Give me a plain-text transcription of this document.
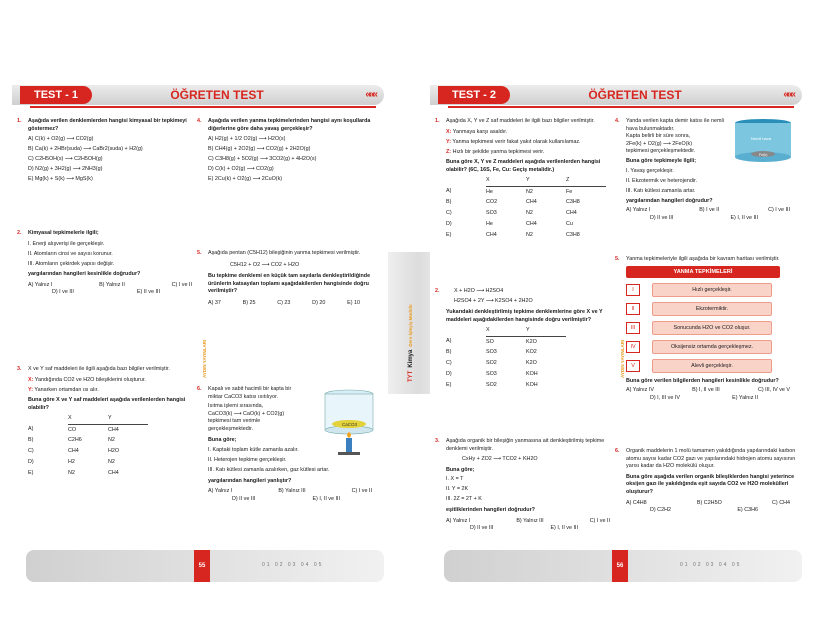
TEST - 1	ÖĞRETEN TEST	«««
1. Aşağıda verilen denklemlerden hangisi kimyasal bir tepkimeyi göstermez?
A) C(k) + O2(g) ⟶ CO2(g)
B) Ca(k) + 2HBr(suda) ⟶ CaBr2(suda) + H2(g)
C) C2H5OH(s) ⟶ C2H5OH(g)
D) N2(g) + 3H2(g) ⟶ 2NH3(g)
E) Mg(k) + S(k) ⟶ MgS(k)
2. Kimyasal tepkimelerle ilgili;
I. Enerji alışverişi ile gerçekleşir.
II. Atomların cinsi ve sayısı korunur.
III. Atomların çekirdek yapısı değişir.
yargılarından hangileri kesinlikle doğrudur?
A) Yalnız I	B) Yalnız II	C) I ve II
D) I ve III	E) II ve III
3. X ve Y saf maddeleri ile ilgili aşağıda bazı bilgiler verilmiştir.
X: Yandığında CO2 ve H2O bileşiklerini oluşturur.
Y: Yanarken ortamdan ısı alır.
Buna göre X ve Y saf maddeleri aşağıda verilenlerden hangisi olabilir?
	X	Y
A)	CO	CH4
B)	C2H6	N2
C)	CH4	H2O
D)	H2	N2
E)	N2	CH4
AYDIN YAYINLARI
4. Aşağıda verilen yanma tepkimelerinden hangisi aynı koşullarda diğerlerine göre daha yavaş gerçekleşir?
A) H2(g) + 1/2 O2(g) ⟶ H2O(s)
B) CH4(g) + 2O2(g) ⟶ CO2(g) + 2H2O(g)
C) C3H8(g) + 5O2(g) ⟶ 3CO2(g) + 4H2O(s)
D) C(k) + O2(g) ⟶ CO2(g)
E) 2Cu(k) + O2(g) ⟶ 2CuO(k)
5. Aşağıda pentan (C5H12) bileşiğinin yanma tepkimesi verilmiştir.
C5H12 + O2 ⟶ CO2 + H2O
Bu tepkime denklemi en küçük tam sayılarla denkleştirildiğinde ürünlerin katsayıları toplamı aşağıdakilerden hangisinde doğru verilmiştir?
A) 37	B) 25	C) 23	D) 20	E) 10
6. Kapalı ve sabit hacimli bir kapta bir miktar CaCO3 katısı ısıtılıyor.
Isıtma işlemi sırasında,
CaCO3(k) ⟶ CaO(k) + CO2(g)
tepkimesi tam verimle gerçekleşmektedir.
Buna göre;
I. Kaptaki toplam kütle zamanla azalır.
II. Heterojen tepkime gerçekleşir.
III. Katı kütlesi zamanla azalırken, gaz kütlesi artar.
yargılarından hangileri yanlıştır?
A) Yalnız I	B) Yalnız III	C) I ve II
D) II ve III	E) I, II ve III
CaCO3
55	01 02 03 04 05
TYTKimyaDers İşleyiş Modülü
TEST - 2	ÖĞRETEN TEST	«««
1. Aşağıda X, Y ve Z saf maddeleri ile ilgili bazı bilgiler verilmiştir.
X: Yanmaya karşı asaldır.
Y: Yanma tepkimesi verir fakat yakıt olarak kullanılamaz.
Z: Hızlı bir şekilde yanma tepkimesi verir.
Buna göre X, Y ve Z maddeleri aşağıda verilenlerden hangisi olabilir? (6C, 16S, Fe, Cu: Geçiş metalidir.)
	X	Y	Z
A)	He	N2	Fe
B)	CO2	CH4	C3H8
C)	SO3	N2	CH4
D)	He	CH4	Cu
E)	CH4	N2	C3H8
2.	X + H2O ⟶ H2SO4
H2SO4 + 2Y ⟶ K2SO4 + 2H2O
Yukarıdaki denkleştirilmiş tepkime denklemlerine göre X ve Y maddeleri aşağıdakilerden hangisinde doğru verilmiştir?
	X	Y
A)	SO	K2O
B)	SO3	KO2
C)	SO2	K2O
D)	SO3	KOH
E)	SO2	KOH
3. Aşağıda organik bir bileşiğin yanmasına ait denkleştirilmiş tepkime denklemi verilmiştir.
CxHy + ZO2 ⟶ TCO2 + KH2O
Buna göre;
I. X = T
II. Y = 2K
III. 2Z = 2T + K
eşitliklerinden hangileri doğrudur?
A) Yalnız I	B) Yalnız III	C) I ve II
D) II ve III	E) I, II ve III
AYDIN YAYINLARI
4. Yanda verilen kapta demir katısı ile nemli hava bulunmaktadır.
Kapta belirli bir süre sonra,
2Fe(k) + O2(g) ⟶ 2FeO(k)
tepkimesi gerçekleşmektedir.
Buna göre tepkimeyle ilgili;
I. Yavaş gerçekleşir.
II. Ekzotermik ve heterojendir.
III. Katı kütlesi zamanla artar.
yargılarından hangileri doğrudur?
A) Yalnız I	B) I ve II	C) I ve III
D) II ve III	E) I, II ve III
Nemli hava
Fe(k)
5. Yanma tepkimeleriyle ilgili aşağıda bir kavram haritası verilmiştir.
YANMA TEPKİMELERİ
I	Hızlı gerçekleşir.
II	Ekzotermiktir.
III	Sonucunda H2O ve CO2 oluşur.
IV	Oksijensiz ortamda gerçekleşmez.
V	Alevli gerçekleşir.
Buna göre verilen bilgilerden hangileri kesinlikle doğrudur?
A) Yalnız IV	B) I, II ve III	C) III, IV ve V
D) I, III ve IV	E) Yalnız II
6. Organik maddelerin 1 molü tamamen yakıldığında yapılarındaki karbon atomu sayısı kadar CO2 gazı ve yapılarındaki hidrojen atomu sayısının yarısı kadar da H2O molekülü oluşur.
Buna göre aşağıda verilen organik bileşiklerden hangisi yeterince oksijen gazı ile yakıldığında eşit sayıda CO2 ve H2O molekülleri oluşturur?
A) C4H8	B) C2H5O	C) CH4
D) C2H2	E) C3H6
56	01 02 03 04 05
